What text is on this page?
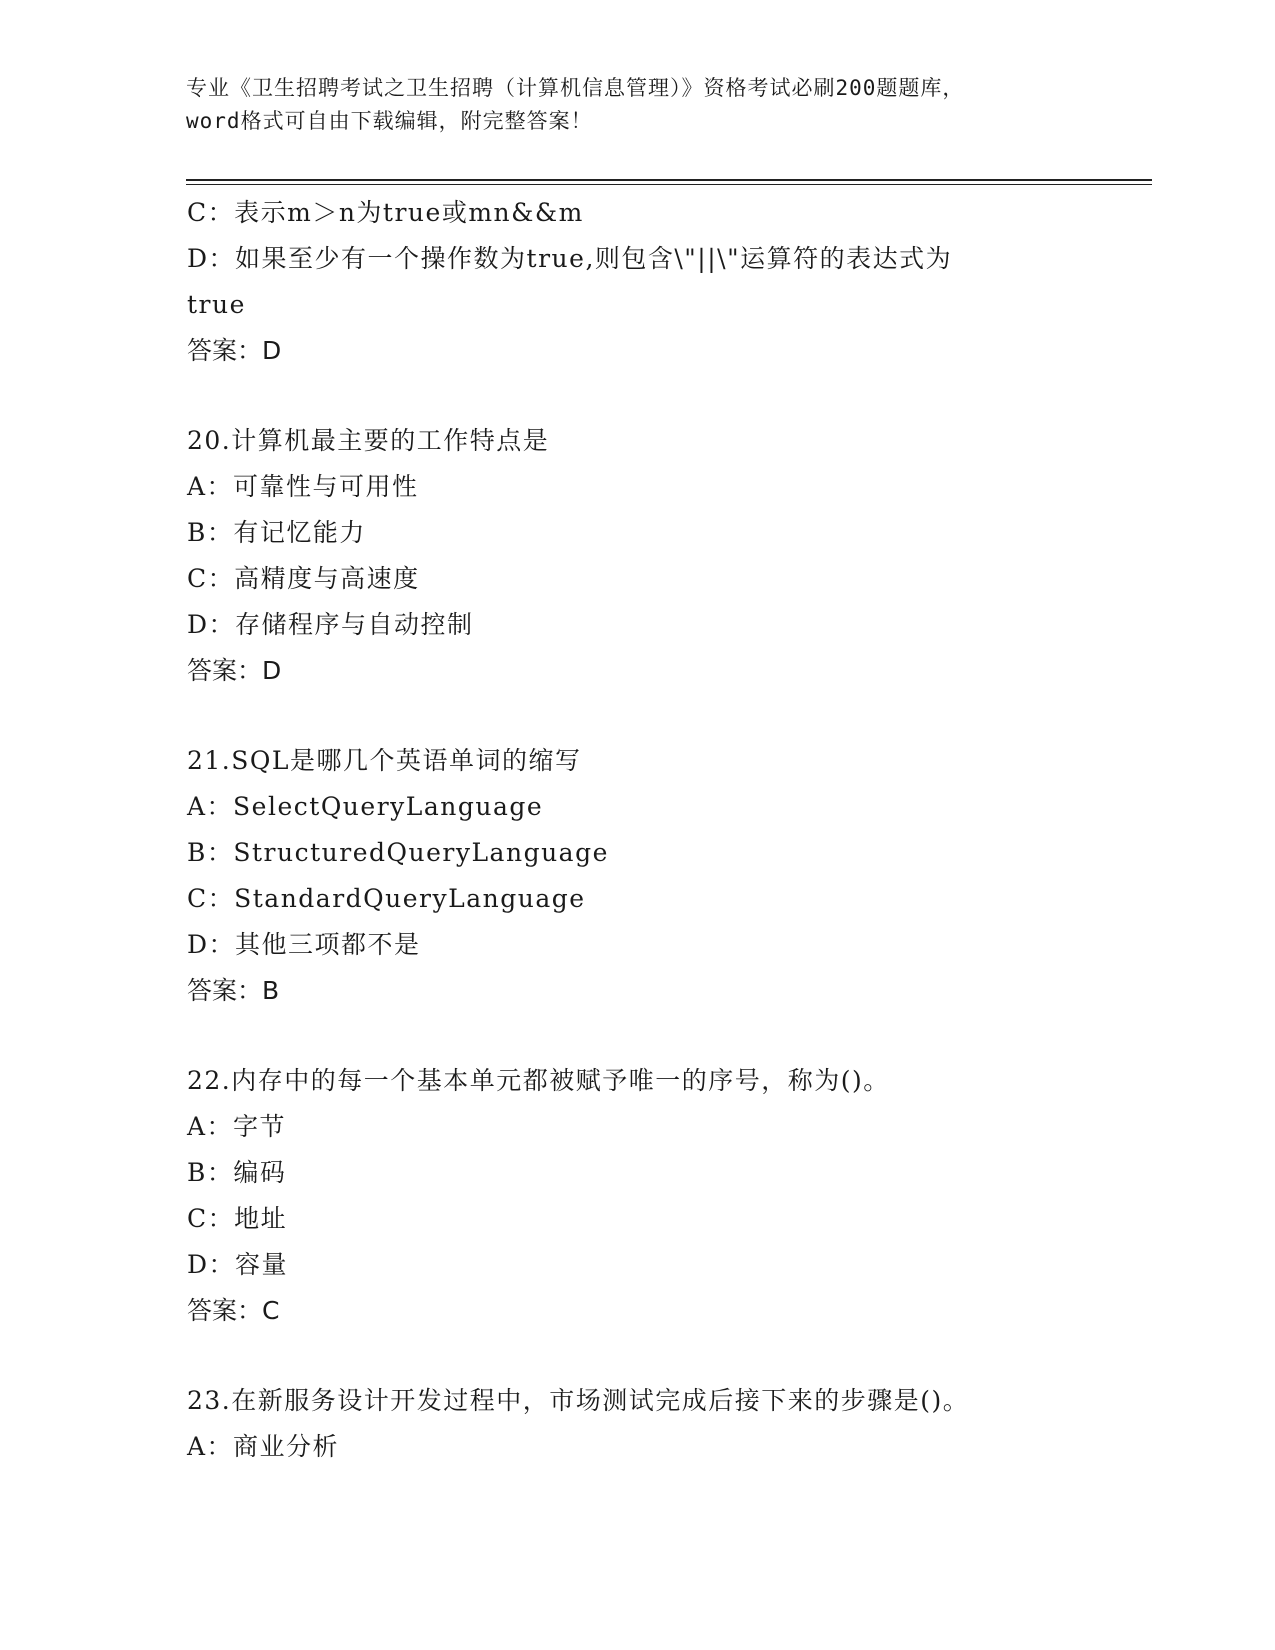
专业《卫生招聘考试之卫生招聘（计算机信息管理）》资格考试必刷200题题库，
word格式可自由下载编辑，附完整答案！
C：表示m＞n为true或mn&&m
D：如果至少有一个操作数为true,则包含\"||\"运算符的表达式为
true
答案：D
20.计算机最主要的工作特点是
A：可靠性与可用性
B：有记忆能力
C：高精度与高速度
D：存储程序与自动控制
答案：D
21.SQL是哪几个英语单词的缩写
A：SelectQueryLanguage
B：StructuredQueryLanguage
C：StandardQueryLanguage
D：其他三项都不是
答案：B
22.内存中的每一个基本单元都被赋予唯一的序号，称为()。
A：字节
B：编码
C：地址
D：容量
答案：C
23.在新服务设计开发过程中，市场测试完成后接下来的步骤是()。
A：商业分析
